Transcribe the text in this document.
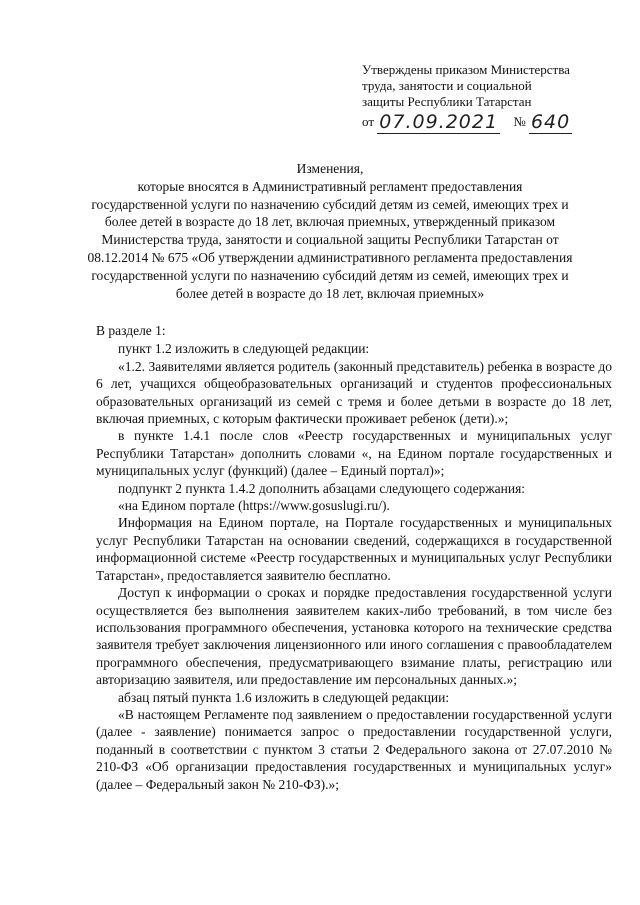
Утверждены приказом Министерства
труда, занятости и социальной
защиты Республики Татарстан
от 07.09.2021 № 640
Изменения,
которые вносятся в Административный регламент предоставления
государственной услуги по назначению субсидий детям из семей, имеющих трех и
более детей в возрасте до 18 лет, включая приемных, утвержденный приказом
Министерства труда, занятости и социальной защиты Республики Татарстан от
08.12.2014 № 675 «Об утверждении административного регламента предоставления
государственной услуги по назначению субсидий детям из семей, имеющих трех и
более детей в возрасте до 18 лет, включая приемных»

В разделе 1:

пункт 1.2 изложить в следующей редакции:

«1.2. Заявителями является родитель (законный представитель) ребенка в возрасте до 6 лет, учащихся общеобразовательных организаций и студентов профессиональных образовательных организаций из семей с тремя и более детьми в возрасте до 18 лет, включая приемных, с которым фактически проживает ребенок (дети).»;

в пункте 1.4.1 после слов «Реестр государственных и муниципальных услуг Республики Татарстан» дополнить словами «, на Едином портале государственных и муниципальных услуг (функций) (далее – Единый портал)»;

подпункт 2 пункта 1.4.2 дополнить абзацами следующего содержания:

«на Едином портале (https://www.gosuslugi.ru/).

Информация на Едином портале, на Портале государственных и муниципальных услуг Республики Татарстан на основании сведений, содержащихся в государственной информационной системе «Реестр государственных и муниципальных услуг Республики Татарстан», предоставляется заявителю бесплатно.

Доступ к информации о сроках и порядке предоставления государственной услуги осуществляется без выполнения заявителем каких-либо требований, в том числе без использования программного обеспечения, установка которого на технические средства заявителя требует заключения лицензионного или иного соглашения с правообладателем программного обеспечения, предусматривающего взимание платы, регистрацию или авторизацию заявителя, или предоставление им персональных данных.»;

абзац пятый пункта 1.6 изложить в следующей редакции:

«В настоящем Регламенте под заявлением о предоставлении государственной услуги (далее - заявление) понимается запрос о предоставлении государственной услуги, поданный в соответствии с пунктом 3 статьи 2 Федерального закона от 27.07.2010 № 210-ФЗ «Об организации предоставления государственных и муниципальных услуг» (далее – Федеральный закон № 210-ФЗ).»;
